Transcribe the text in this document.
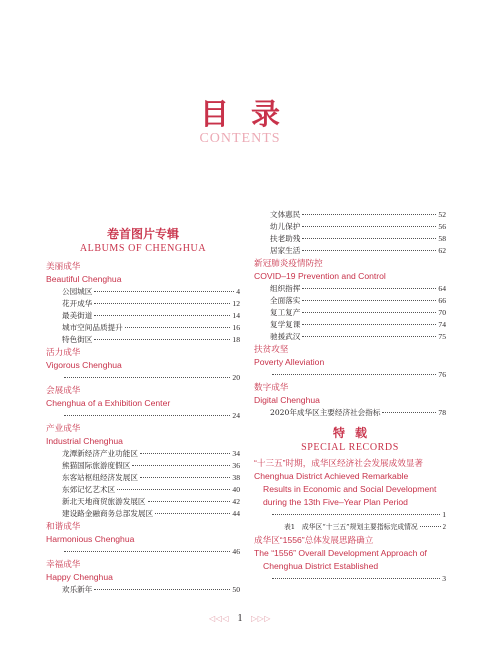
目录
CONTENTS
卷首图片专辑
ALBUMS OF CHENGHUA
美丽成华
Beautiful Chenghua
公园城区	4
花开成华	12
最美街道	14
城市空间品质提升	16
特色街区	18
活力成华
Vigorous Chenghua
20
会展成华
Chenghua of a Exhibition Center
24
产业成华
Industrial Chenghua
龙潭新经济产业功能区	34
熊猫国际旅游度假区	36
东客站枢纽经济发展区	38
东郊记忆艺术区	40
新北天地商贸旅游发展区	42
建设路金融商务总部发展区	44
和谐成华
Harmonious Chenghua
46
幸福成华
Happy Chenghua
欢乐新年	50
文体惠民	52
幼儿保护	56
扶老助残	58
居家生活	62
新冠肺炎疫情防控
COVID–19 Prevention and Control
组织指挥	64
全面落实	66
复工复产	70
复学复课	74
驰援武汉	75
扶贫攻坚
Poverty Alleviation
76
数字成华
Digital Chenghua
2020年成华区主要经济社会指标	78
特载
SPECIAL RECORDS
“十三五”时期，成华区经济社会发展成效显著
Chenghua District Achieved Remarkable
Results in Economic and Social Development
during the 13th Five–Year Plan Period
1
表1　成华区“十三五”规划主要指标完成情况	2
成华区“1556”总体发展思路确立
The “1556” Overall Development Approach of
Chenghua District Established
3
◁◁◁ 1 ▷▷▷
